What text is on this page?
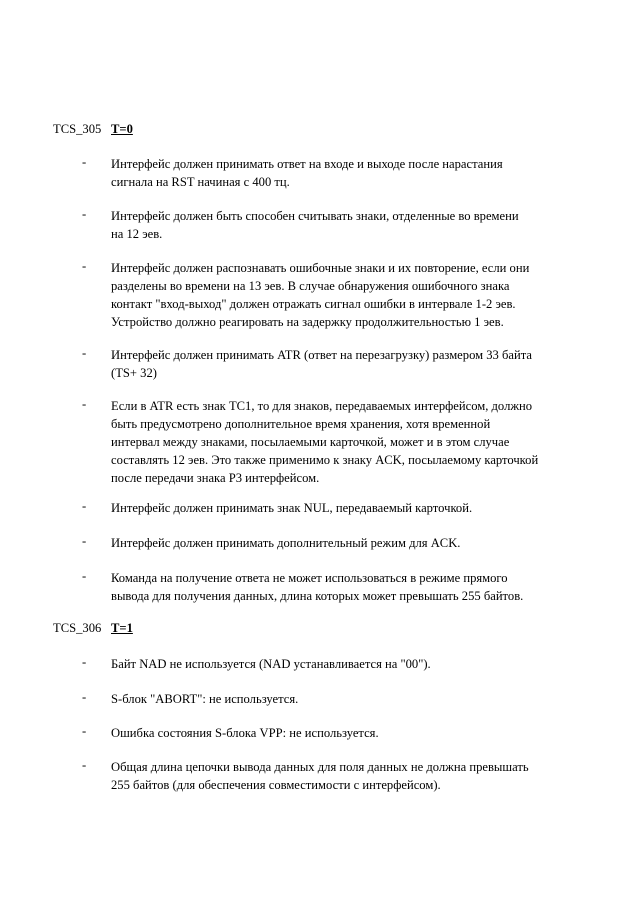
TCS_305 T=0
- Интерфейс должен принимать ответ на входе и выходе после нарастания
сигнала на RST начиная с 400 тц.
- Интерфейс должен быть способен считывать знаки, отделенные во времени
на 12 эев.
- Интерфейс должен распознавать ошибочные знаки и их повторение, если они
разделены во времени на 13 эев. В случае обнаружения ошибочного знака
контакт "вход-выход" должен отражать сигнал ошибки в интервале 1-2 эев.
Устройство должно реагировать на задержку продолжительностью 1 эев.
- Интерфейс должен принимать ATR (ответ на перезагрузку) размером 33 байта
(TS+ 32)
- Если в ATR есть знак TC1, то для знаков, передаваемых интерфейсом, должно
быть предусмотрено дополнительное время хранения, хотя временной
интервал между знаками, посылаемыми карточкой, может и в этом случае
составлять 12 эев. Это также применимо к знаку ACK, посылаемому карточкой
после передачи знака P3 интерфейсом.
- Интерфейс должен принимать знак NUL, передаваемый карточкой.
- Интерфейс должен принимать дополнительный режим для ACK.
- Команда на получение ответа не может использоваться в режиме прямого
вывода для получения данных, длина которых может превышать 255 байтов.
TCS_306 T=1
- Байт NAD не используется (NAD устанавливается на "00").
- S-блок "ABORT": не используется.
- Ошибка состояния S-блока VPP: не используется.
- Общая длина цепочки вывода данных для поля данных не должна превышать
255 байтов (для обеспечения совместимости с интерфейсом).
